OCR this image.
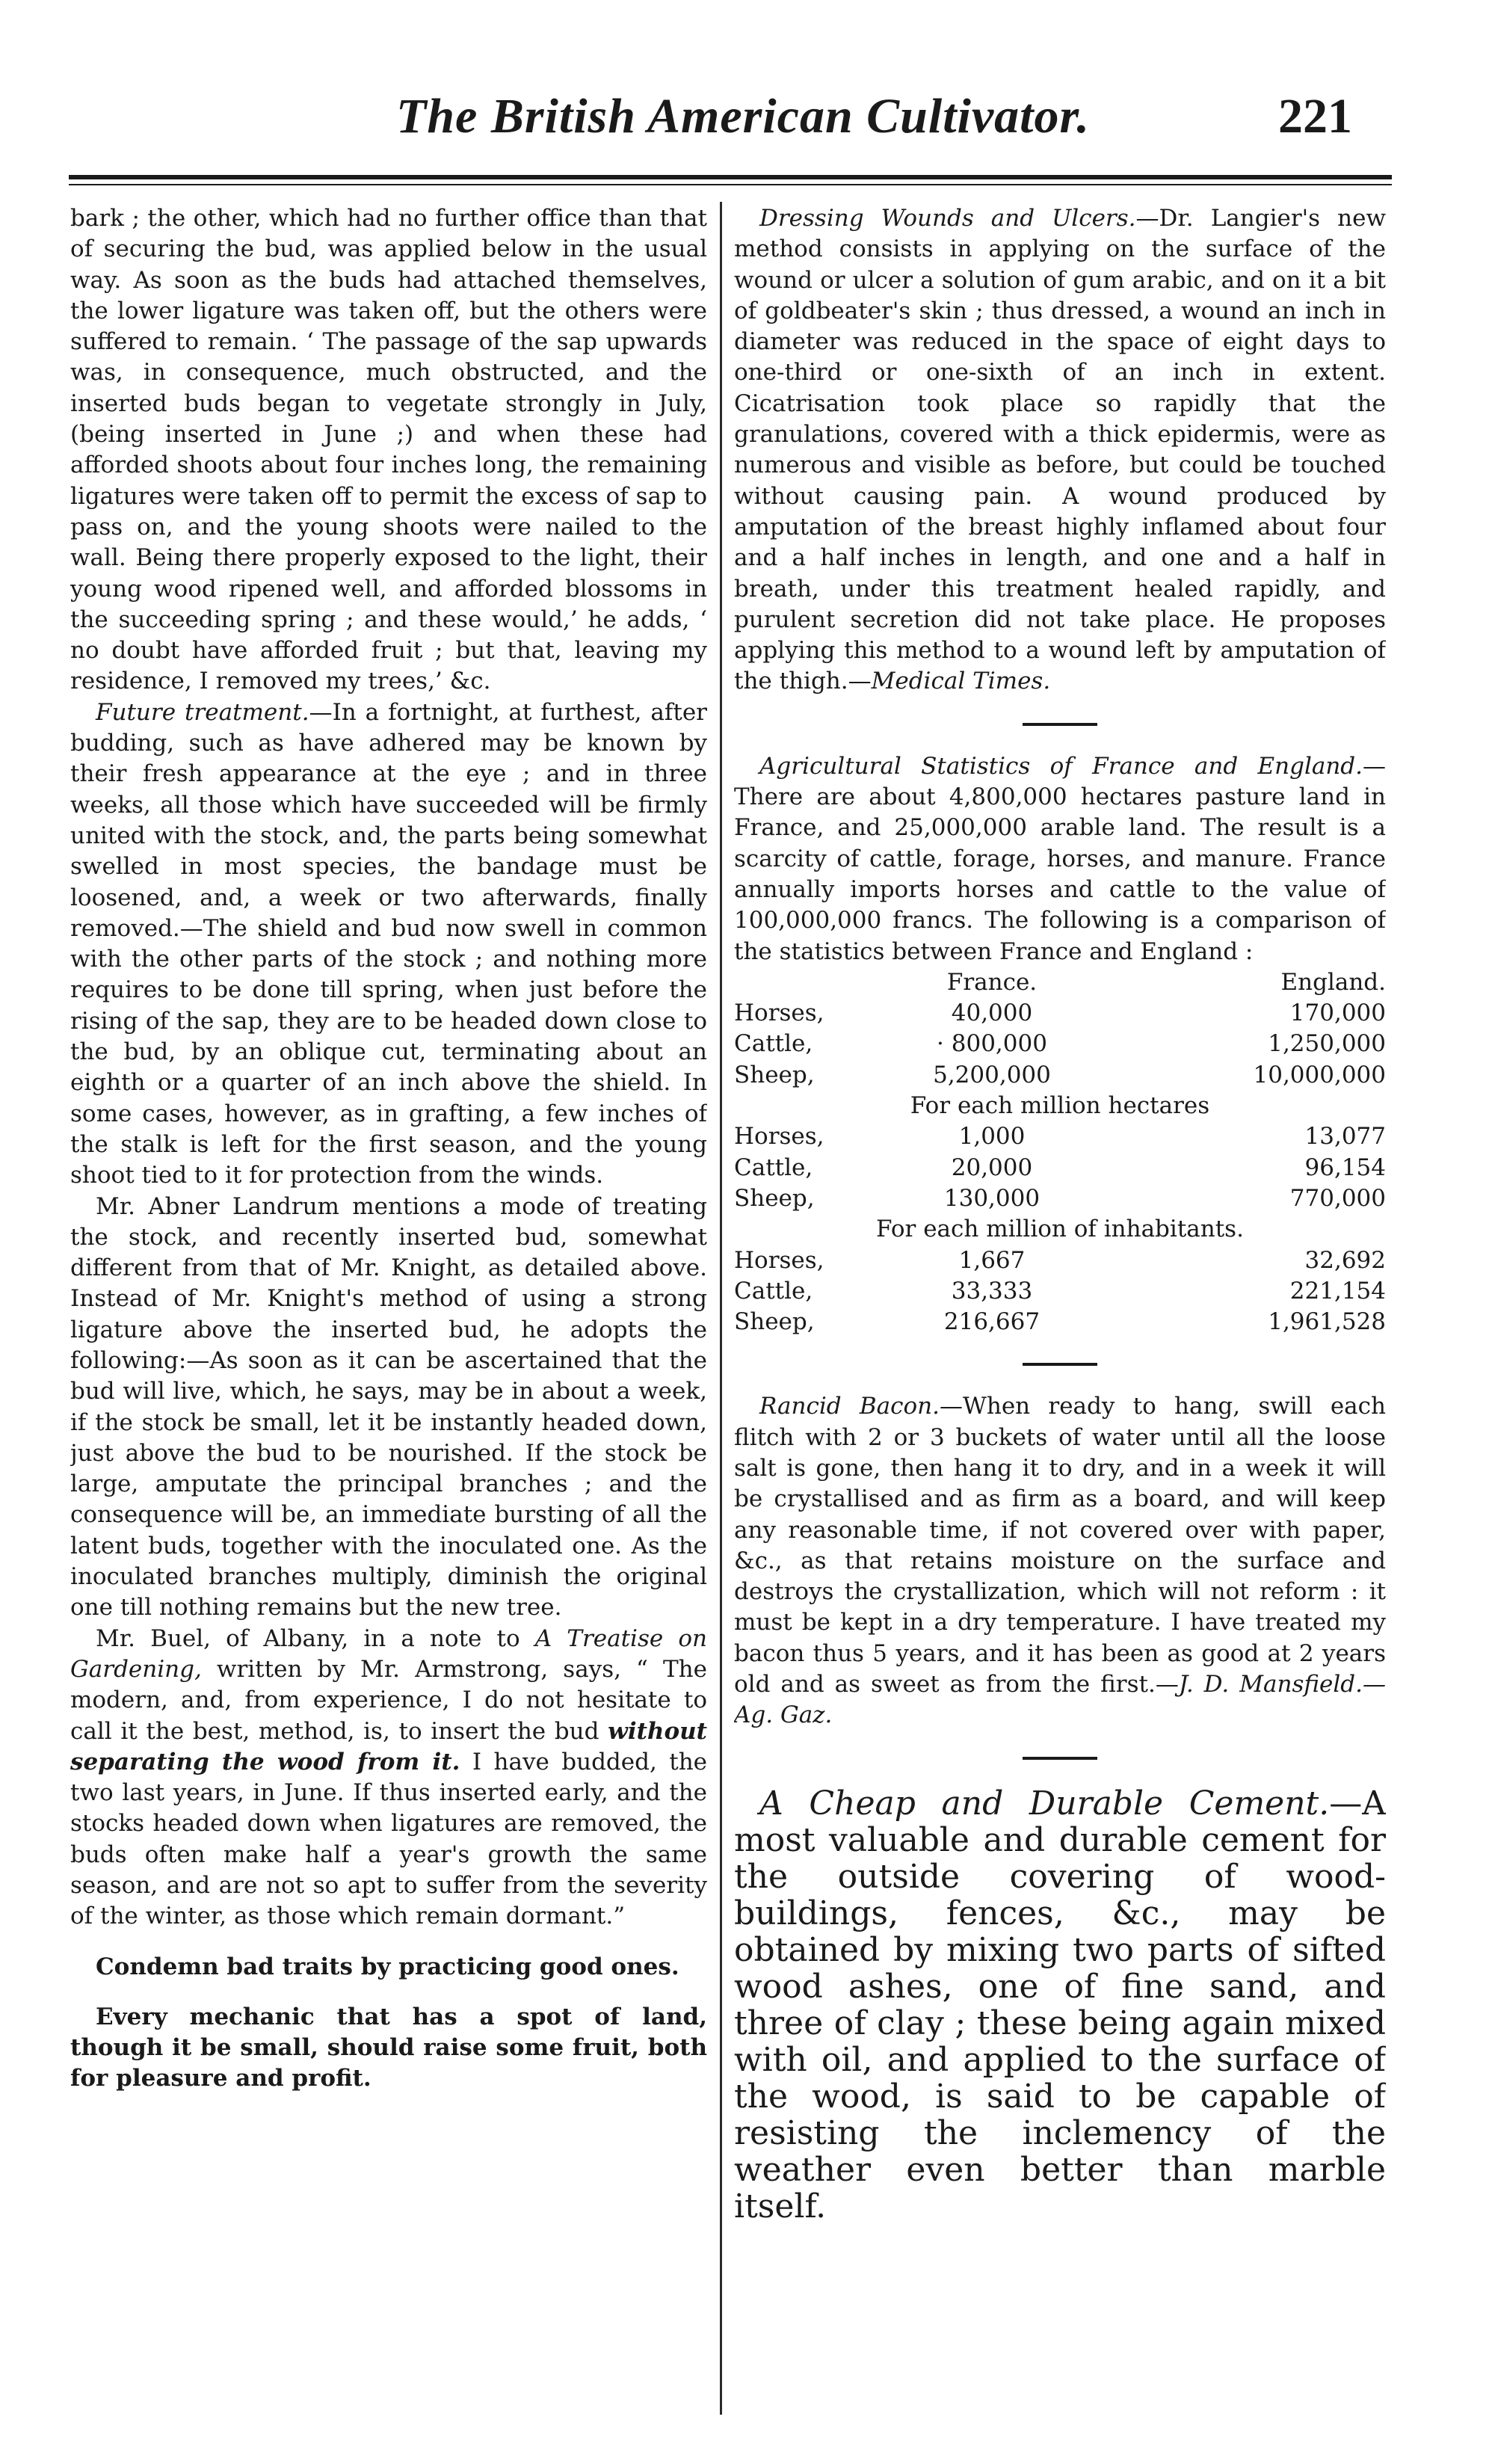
The British American Cultivator.	221

bark ; the other, which had no further office than that of securing the bud, was applied below in the usual way. As soon as the buds had attached themselves, the lower ligature was taken off, but the others were suffered to remain. ‘ The passage of the sap upwards was, in consequence, much obstructed, and the inserted buds began to vegetate strongly in July, (being inserted in June ;) and when these had afforded shoots about four inches long, the remaining ligatures were taken off to permit the excess of sap to pass on, and the young shoots were nailed to the wall. Being there properly exposed to the light, their young wood ripened well, and afforded blossoms in the succeeding spring ; and these would,’ he adds, ‘ no doubt have afforded fruit ; but that, leaving my residence, I removed my trees,’ &c.

Future treatment.—In a fortnight, at furthest, after budding, such as have adhered may be known by their fresh appearance at the eye ; and in three weeks, all those which have succeeded will be firmly united with the stock, and, the parts being somewhat swelled in most species, the bandage must be loosened, and, a week or two afterwards, finally removed.—The shield and bud now swell in common with the other parts of the stock ; and nothing more requires to be done till spring, when just before the rising of the sap, they are to be headed down close to the bud, by an oblique cut, terminating about an eighth or a quarter of an inch above the shield. In some cases, however, as in grafting, a few inches of the stalk is left for the first season, and the young shoot tied to it for protection from the winds.

Mr. Abner Landrum mentions a mode of treating the stock, and recently inserted bud, somewhat different from that of Mr. Knight, as detailed above. Instead of Mr. Knight's method of using a strong ligature above the inserted bud, he adopts the following:—As soon as it can be ascertained that the bud will live, which, he says, may be in about a week, if the stock be small, let it be instantly headed down, just above the bud to be nourished. If the stock be large, amputate the principal branches ; and the consequence will be, an immediate bursting of all the latent buds, together with the inoculated one. As the inoculated branches multiply, diminish the original one till nothing remains but the new tree.

Mr. Buel, of Albany, in a note to A Treatise on Gardening, written by Mr. Armstrong, says, “ The modern, and, from experience, I do not hesitate to call it the best, method, is, to insert the bud without separating the wood from it. I have budded, the two last years, in June. If thus inserted early, and the stocks headed down when ligatures are removed, the buds often make half a year's growth the same season, and are not so apt to suffer from the severity of the winter, as those which remain dormant.”

Condemn bad traits by practicing good ones.

Every mechanic that has a spot of land, though it be small, should raise some fruit, both for pleasure and profit.

Dressing Wounds and Ulcers.—Dr. Langier's new method consists in applying on the surface of the wound or ulcer a solution of gum arabic, and on it a bit of goldbeater's skin ; thus dressed, a wound an inch in diameter was reduced in the space of eight days to one-third or one-sixth of an inch in extent. Cicatrisation took place so rapidly that the granulations, covered with a thick epidermis, were as numerous and visible as before, but could be touched without causing pain. A wound produced by amputation of the breast highly inflamed about four and a half inches in length, and one and a half in breath, under this treatment healed rapidly, and purulent secretion did not take place. He proposes applying this method to a wound left by amputation of the thigh.—Medical Times.

Agricultural Statistics of France and England.—There are about 4,800,000 hectares pasture land in France, and 25,000,000 arable land. The result is a scarcity of cattle, forage, horses, and manure. France annually imports horses and cattle to the value of 100,000,000 francs. The following is a comparison of the statistics between France and England :

	France.	England.
Horses,	40,000	170,000
Cattle,	· 800,000	1,250,000
Sheep,	5,200,000	10,000,000
For each million hectares		
Horses,	1,000	13,077
Cattle,	20,000	96,154
Sheep,	130,000	770,000
For each million of inhabitants.		
Horses,	1,667	32,692
Cattle,	33,333	221,154
Sheep,	216,667	1,961,528

Rancid Bacon.—When ready to hang, swill each flitch with 2 or 3 buckets of water until all the loose salt is gone, then hang it to dry, and in a week it will be crystallised and as firm as a board, and will keep any reasonable time, if not covered over with paper, &c., as that retains moisture on the surface and destroys the crystallization, which will not reform : it must be kept in a dry temperature. I have treated my bacon thus 5 years, and it has been as good at 2 years old and as sweet as from the first.—J. D. Mansfield.—Ag. Gaz.

A Cheap and Durable Cement.—A most valuable and durable cement for the outside covering of wood-buildings, fences, &c., may be obtained by mixing two parts of sifted wood ashes, one of fine sand, and three of clay ; these being again mixed with oil, and applied to the surface of the wood, is said to be capable of resisting the inclemency of the weather even better than marble itself.
